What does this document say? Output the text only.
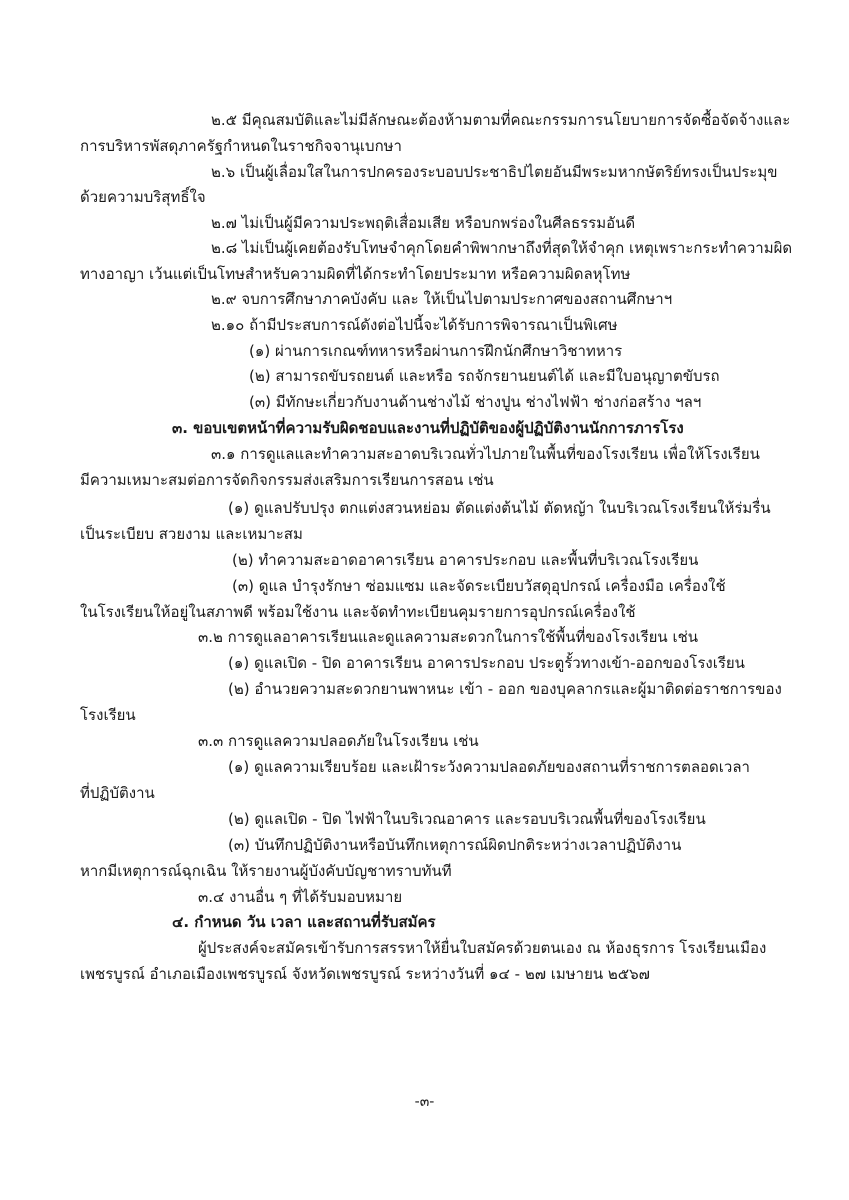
๒.๕ มีคุณสมบัติและไม่มีลักษณะต้องห้ามตามที่คณะกรรมการนโยบายการจัดซื้อจัดจ้างและ
การบริหารพัสดุภาครัฐกำหนดในราชกิจจานุเบกษา
๒.๖ เป็นผู้เลื่อมใสในการปกครองระบอบประชาธิปไตยอันมีพระมหากษัตริย์ทรงเป็นประมุข
ด้วยความบริสุทธิ์ใจ
๒.๗ ไม่เป็นผู้มีความประพฤติเสื่อมเสีย หรือบกพร่องในศีลธรรมอันดี
๒.๘ ไม่เป็นผู้เคยต้องรับโทษจำคุกโดยคำพิพากษาถึงที่สุดให้จำคุก เหตุเพราะกระทำความผิด
ทางอาญา เว้นแต่เป็นโทษสำหรับความผิดที่ได้กระทำโดยประมาท หรือความผิดลหุโทษ
๒.๙ จบการศึกษาภาคบังคับ และ ให้เป็นไปตามประกาศของสถานศึกษาฯ
๒.๑๐ ถ้ามีประสบการณ์ดังต่อไปนี้จะได้รับการพิจารณาเป็นพิเศษ
(๑) ผ่านการเกณฑ์ทหารหรือผ่านการฝึกนักศึกษาวิชาทหาร
(๒) สามารถขับรถยนต์ และหรือ รถจักรยานยนต์ได้ และมีใบอนุญาตขับรถ
(๓) มีทักษะเกี่ยวกับงานด้านช่างไม้ ช่างปูน ช่างไฟฟ้า ช่างก่อสร้าง ฯลฯ
๓. ขอบเขตหน้าที่ความรับผิดชอบและงานที่ปฏิบัติของผู้ปฏิบัติงานนักการภารโรง
๓.๑ การดูแลและทำความสะอาดบริเวณทั่วไปภายในพื้นที่ของโรงเรียน เพื่อให้โรงเรียน
มีความเหมาะสมต่อการจัดกิจกรรมส่งเสริมการเรียนการสอน เช่น
(๑) ดูแลปรับปรุง ตกแต่งสวนหย่อม ตัดแต่งต้นไม้ ตัดหญ้า ในบริเวณโรงเรียนให้ร่มรื่น
เป็นระเบียบ สวยงาม และเหมาะสม
(๒) ทำความสะอาดอาคารเรียน อาคารประกอบ และพื้นที่บริเวณโรงเรียน
(๓) ดูแล บำรุงรักษา ซ่อมแซม และจัดระเบียบวัสดุอุปกรณ์ เครื่องมือ เครื่องใช้
ในโรงเรียนให้อยู่ในสภาพดี พร้อมใช้งาน และจัดทำทะเบียนคุมรายการอุปกรณ์เครื่องใช้
๓.๒ การดูแลอาคารเรียนและดูแลความสะดวกในการใช้พื้นที่ของโรงเรียน เช่น
(๑) ดูแลเปิด - ปิด อาคารเรียน อาคารประกอบ ประตูรั้วทางเข้า-ออกของโรงเรียน
(๒) อำนวยความสะดวกยานพาหนะ เข้า - ออก ของบุคลากรและผู้มาติดต่อราชการของ
โรงเรียน
๓.๓ การดูแลความปลอดภัยในโรงเรียน เช่น
(๑) ดูแลความเรียบร้อย และเฝ้าระวังความปลอดภัยของสถานที่ราชการตลอดเวลา
ที่ปฏิบัติงาน
(๒) ดูแลเปิด - ปิด ไฟฟ้าในบริเวณอาคาร และรอบบริเวณพื้นที่ของโรงเรียน
(๓) บันทึกปฏิบัติงานหรือบันทึกเหตุการณ์ผิดปกติระหว่างเวลาปฏิบัติงาน
หากมีเหตุการณ์ฉุกเฉิน ให้รายงานผู้บังคับบัญชาทราบทันที
๓.๔ งานอื่น ๆ ที่ได้รับมอบหมาย
๔. กำหนด วัน เวลา และสถานที่รับสมัคร
ผู้ประสงค์จะสมัครเข้ารับการสรรหาให้ยื่นใบสมัครด้วยตนเอง ณ ห้องธุรการ โรงเรียนเมือง
เพชรบูรณ์ อำเภอเมืองเพชรบูรณ์ จังหวัดเพชรบูรณ์ ระหว่างวันที่ ๑๔ - ๒๗ เมษายน ๒๕๖๗
-๓-
